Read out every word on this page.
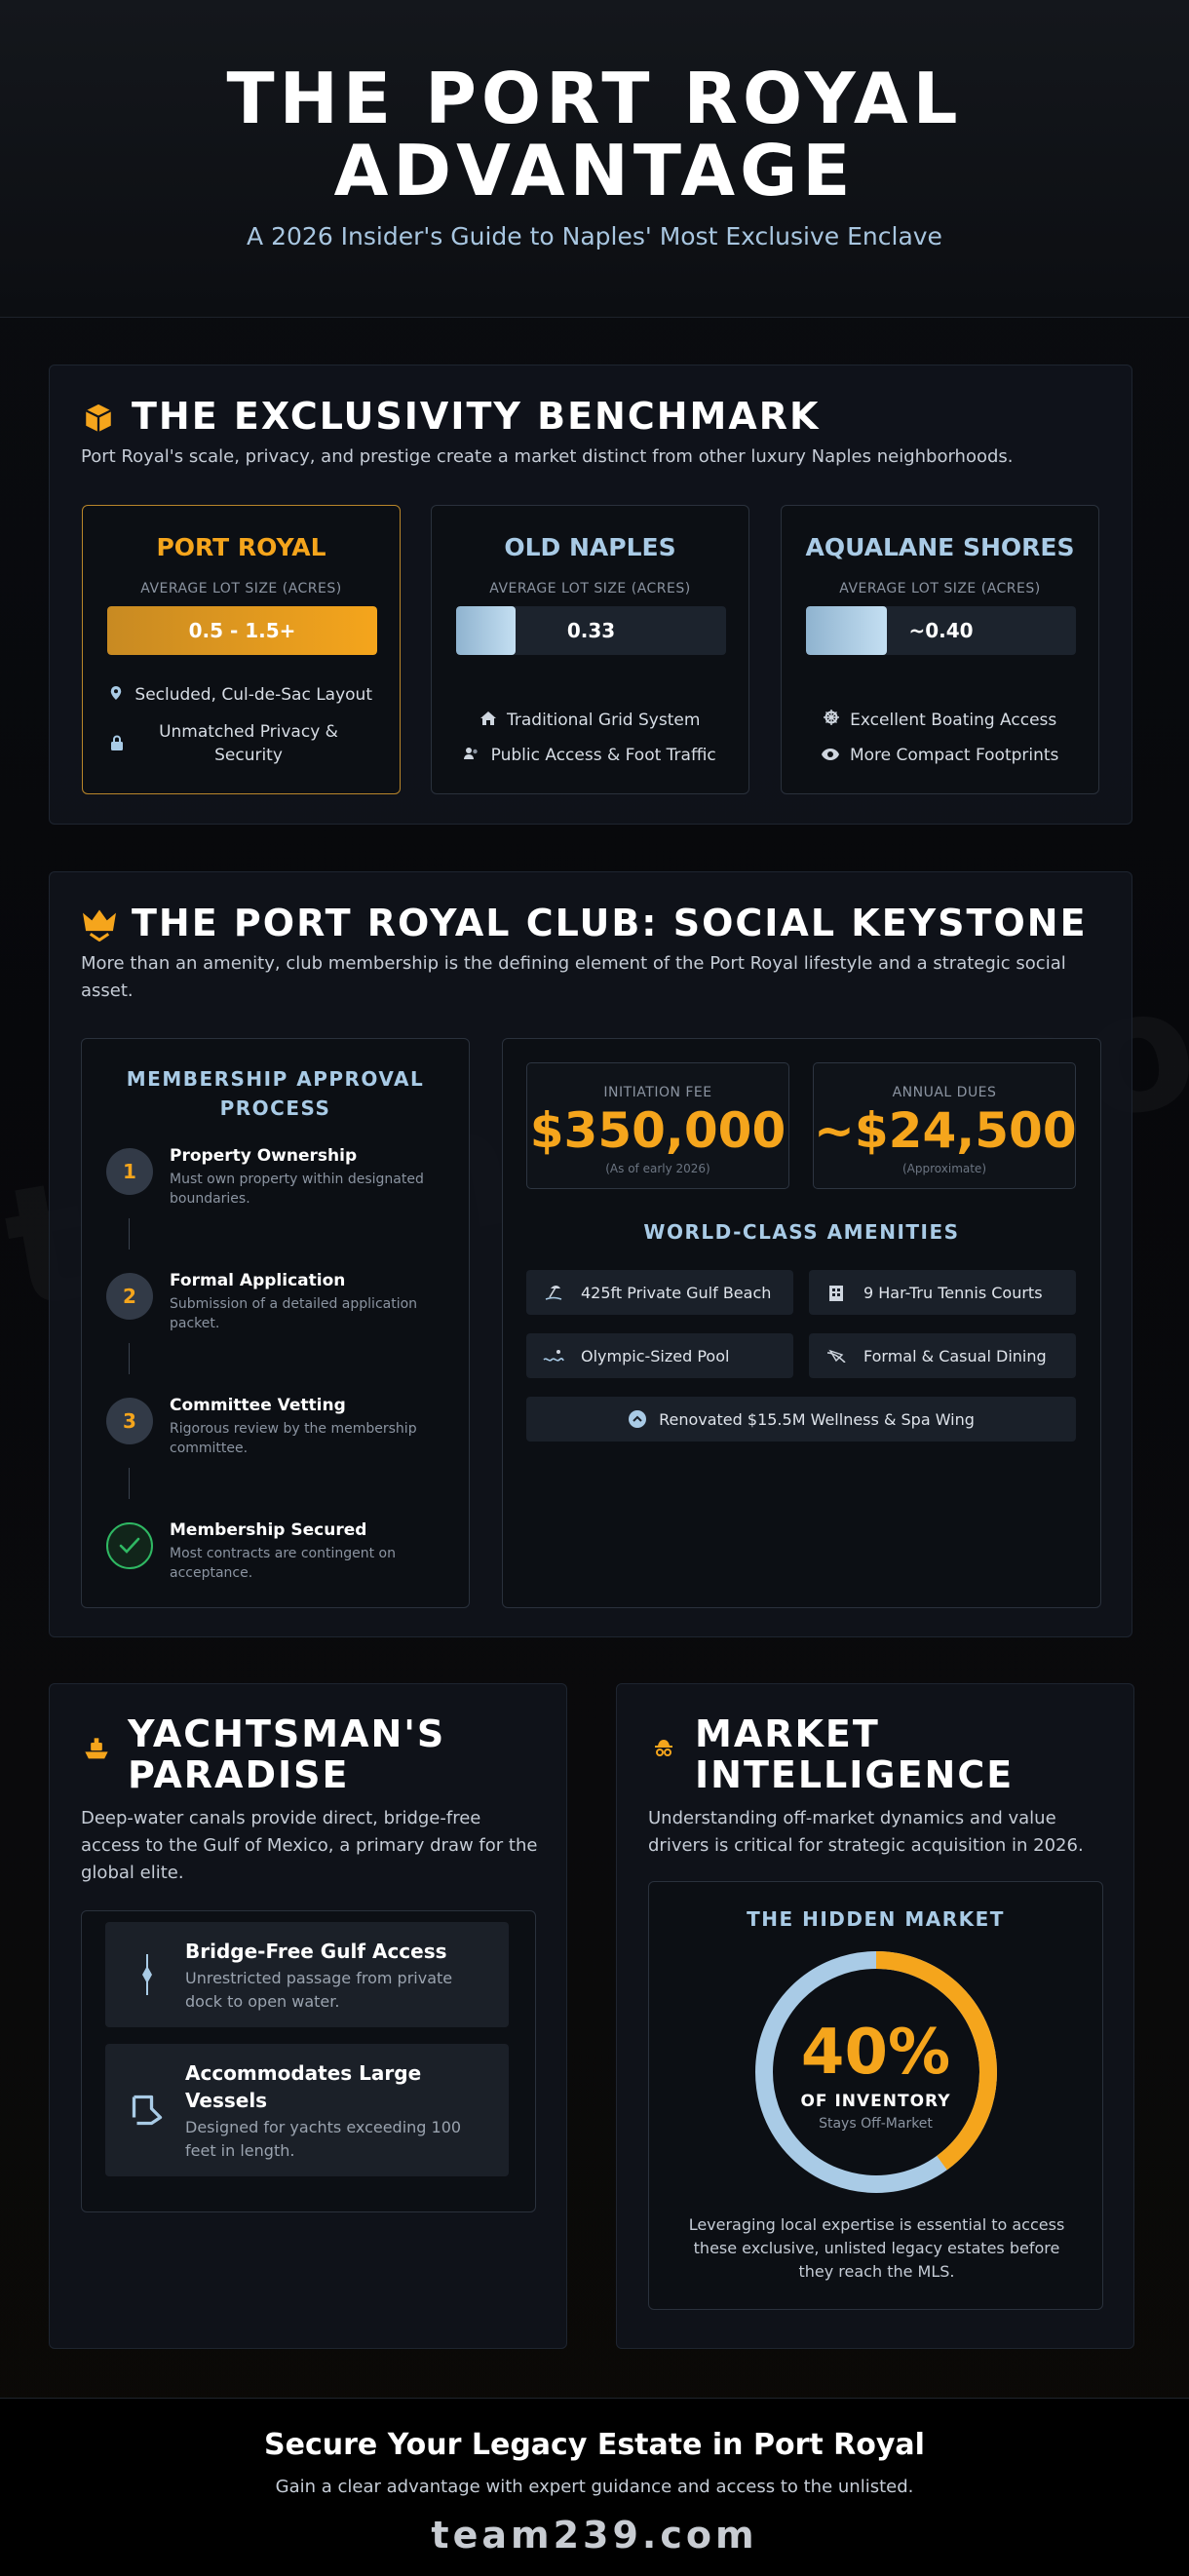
THE PORT ROYAL
ADVANTAGE
A 2026 Insider's Guide to Naples' Most Exclusive Enclave
THE EXCLUSIVITY BENCHMARK
Port Royal's scale, privacy, and prestige create a market distinct from other luxury Naples neighborhoods.
PORT ROYAL
AVERAGE LOT SIZE (ACRES)
0.5 - 1.5+
Secluded, Cul-de-Sac Layout
Unmatched Privacy & Security
OLD NAPLES
AVERAGE LOT SIZE (ACRES)
0.33
Traditional Grid System
Public Access & Foot Traffic
AQUALANE SHORES
AVERAGE LOT SIZE (ACRES)
~0.40
Excellent Boating Access
More Compact Footprints
THE PORT ROYAL CLUB: SOCIAL KEYSTONE
More than an amenity, club membership is the defining element of the Port Royal lifestyle and a strategic social
asset.
MEMBERSHIP APPROVAL
PROCESS
1
Property Ownership
Must own property within designated boundaries.
2
Formal Application
Submission of a detailed application packet.
3
Committee Vetting
Rigorous review by the membership committee.
Membership Secured
Most contracts are contingent on acceptance.
INITIATION FEE
$350,000
(As of early 2026)
ANNUAL DUES
~$24,500
(Approximate)
WORLD-CLASS AMENITIES
425ft Private Gulf Beach	9 Har-Tru Tennis Courts
Olympic-Sized Pool	Formal & Casual Dining
Renovated $15.5M Wellness & Spa Wing
YACHTSMAN'S
PARADISE
Deep-water canals provide direct, bridge-free access to the Gulf of Mexico, a primary draw for the global elite.
Bridge-Free Gulf Access
Unrestricted passage from private dock to open water.
Accommodates Large
Vessels
Designed for yachts exceeding 100 feet in length.
MARKET
INTELLIGENCE
Understanding off-market dynamics and value drivers is critical for strategic acquisition in 2026.
THE HIDDEN MARKET
40%
OF INVENTORY
Stays Off-Market
Leveraging local expertise is essential to access these exclusive, unlisted legacy estates before they reach the MLS.
Secure Your Legacy Estate in Port Royal
Gain a clear advantage with expert guidance and access to the unlisted.
team239.com
